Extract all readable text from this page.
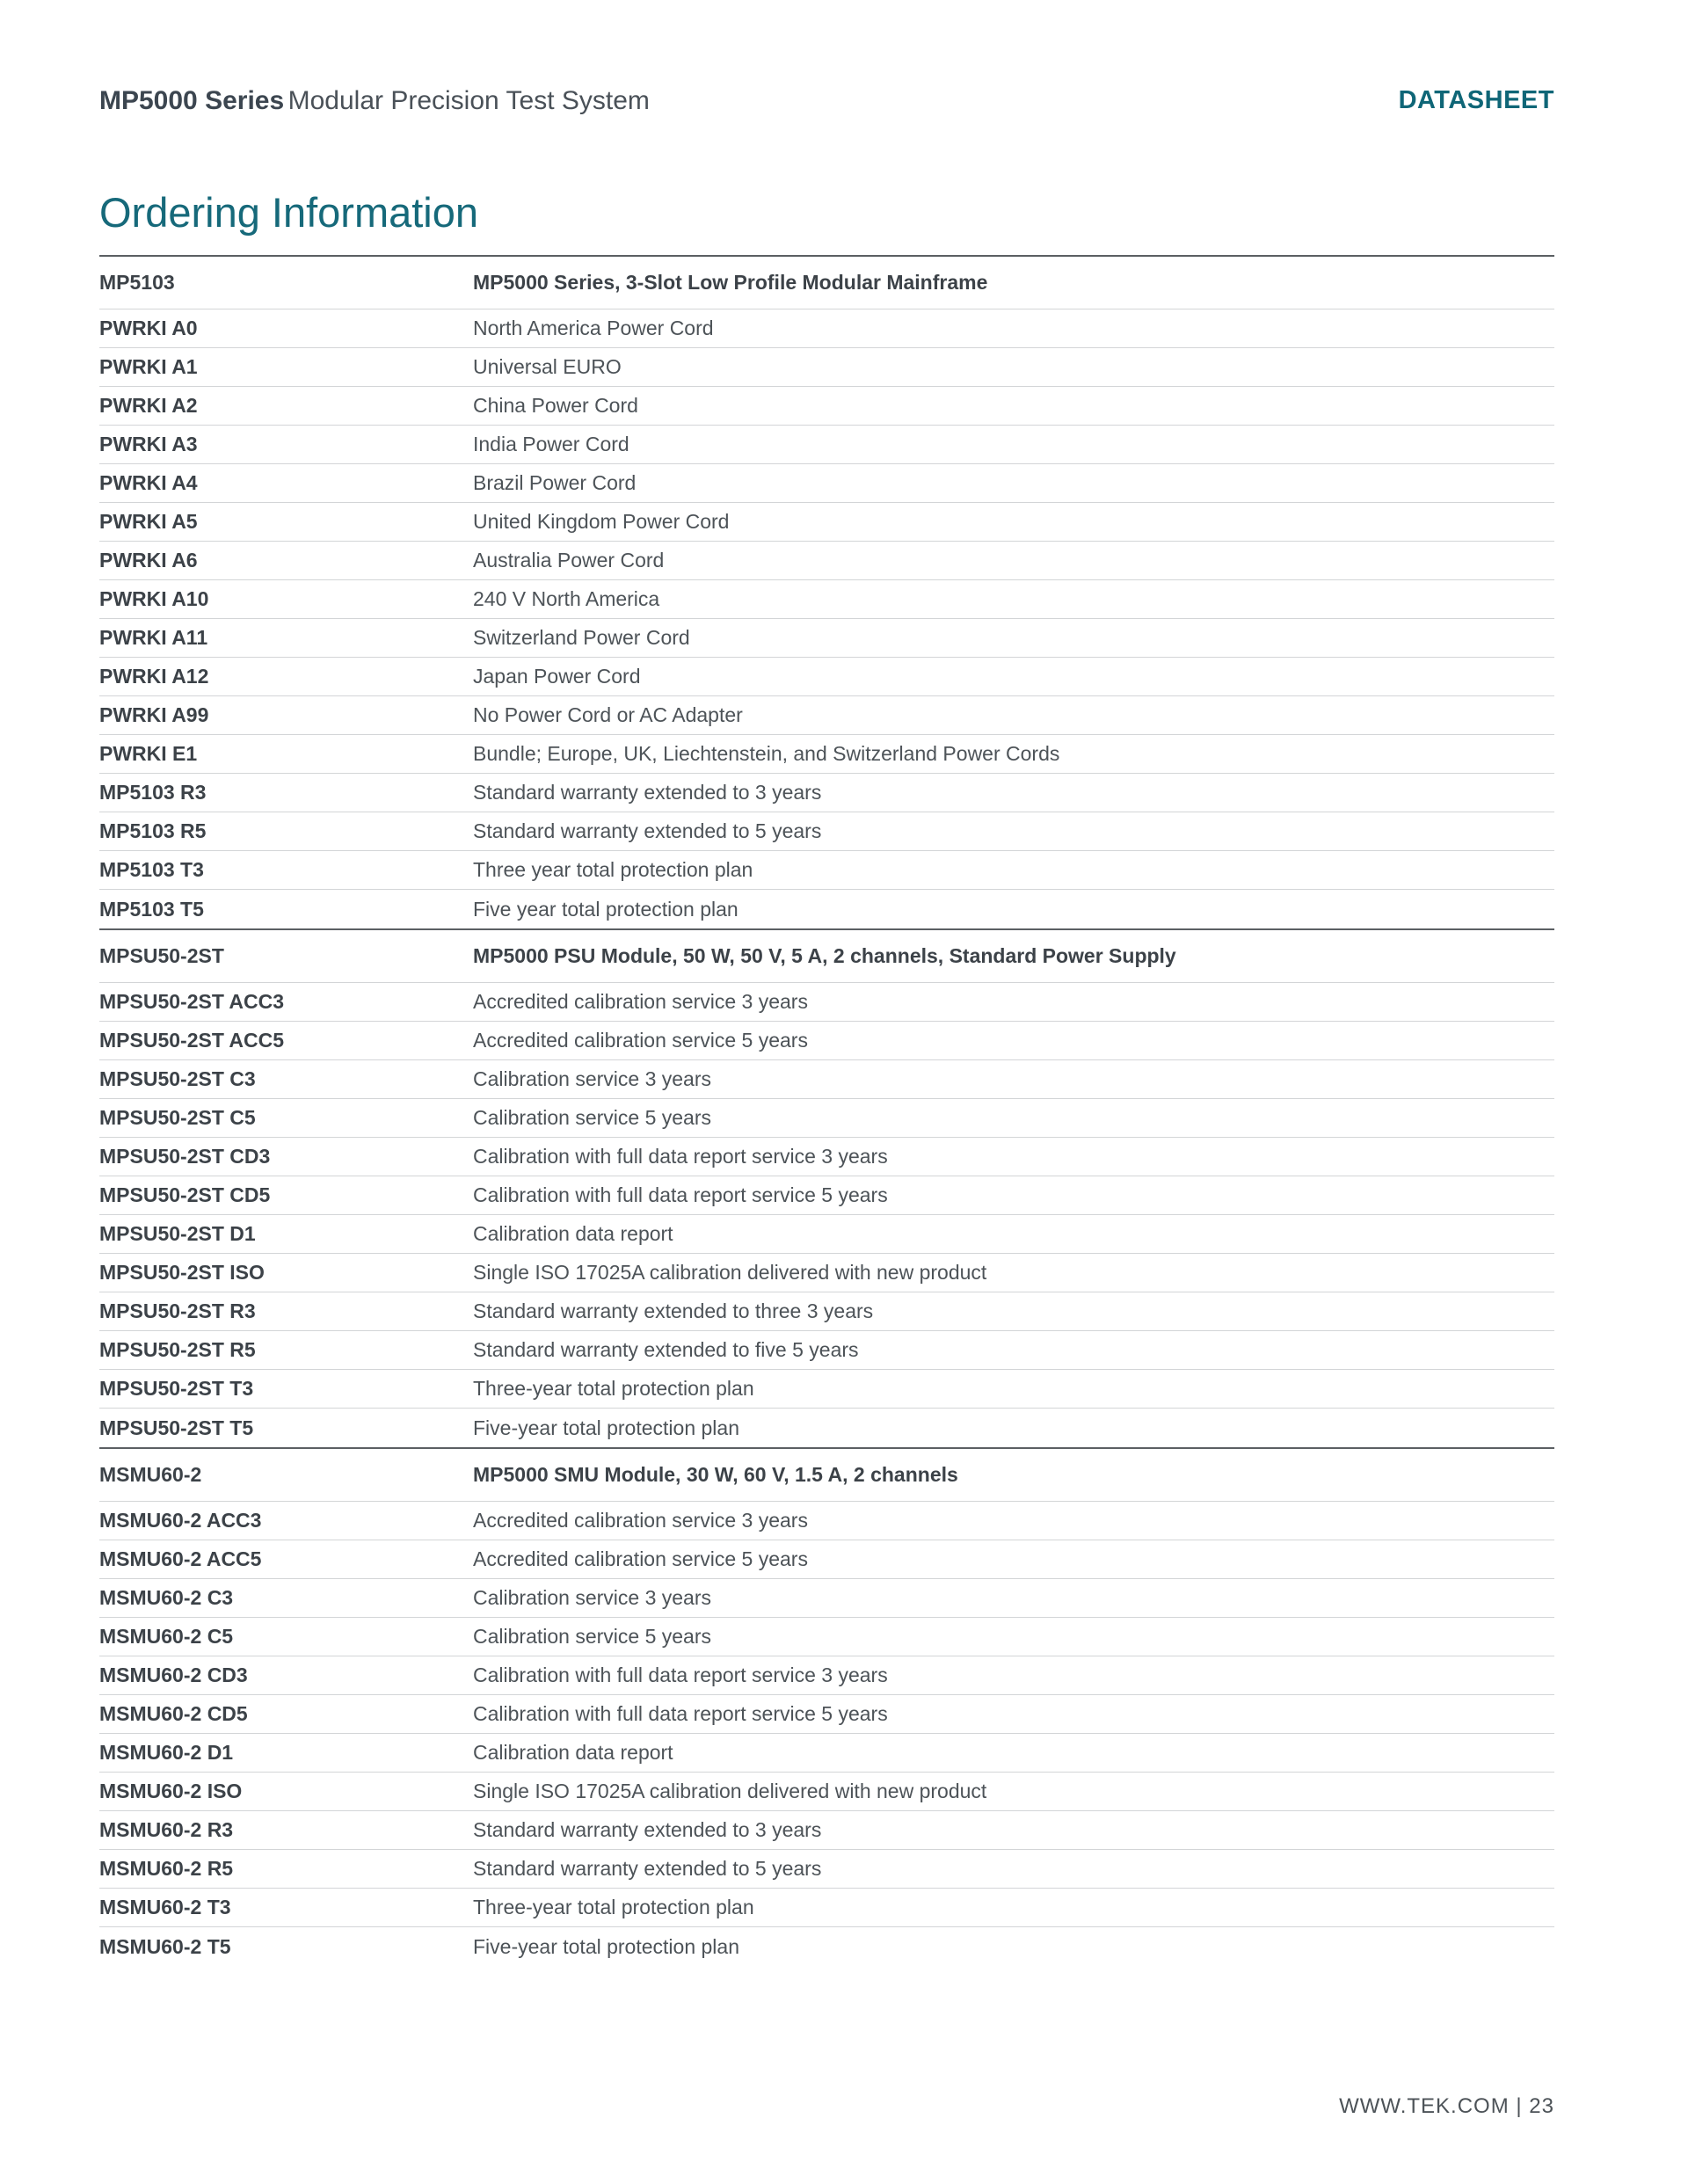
MP5000 Series Modular Precision Test System	DATASHEET
Ordering Information
MP5103	MP5000 Series, 3-Slot Low Profile Modular Mainframe
PWRKI A0	North America Power Cord
PWRKI A1	Universal EURO
PWRKI A2	China Power Cord
PWRKI A3	India Power Cord
PWRKI A4	Brazil Power Cord
PWRKI A5	United Kingdom Power Cord
PWRKI A6	Australia Power Cord
PWRKI A10	240 V North America
PWRKI A11	Switzerland Power Cord
PWRKI A12	Japan Power Cord
PWRKI A99	No Power Cord or AC Adapter
PWRKI E1	Bundle; Europe, UK, Liechtenstein, and Switzerland Power Cords
MP5103 R3	Standard warranty extended to 3 years
MP5103 R5	Standard warranty extended to 5 years
MP5103 T3	Three year total protection plan
MP5103 T5	Five year total protection plan
MPSU50-2ST	MP5000 PSU Module, 50 W, 50 V, 5 A, 2 channels, Standard Power Supply
MPSU50-2ST ACC3	Accredited calibration service 3 years
MPSU50-2ST ACC5	Accredited calibration service 5 years
MPSU50-2ST C3	Calibration service 3 years
MPSU50-2ST C5	Calibration service 5 years
MPSU50-2ST CD3	Calibration with full data report service 3 years
MPSU50-2ST CD5	Calibration with full data report service 5 years
MPSU50-2ST D1	Calibration data report
MPSU50-2ST ISO	Single ISO 17025A calibration delivered with new product
MPSU50-2ST R3	Standard warranty extended to three 3 years
MPSU50-2ST R5	Standard warranty extended to five 5 years
MPSU50-2ST T3	Three-year total protection plan
MPSU50-2ST T5	Five-year total protection plan
MSMU60-2	MP5000 SMU Module, 30 W, 60 V, 1.5 A, 2 channels
MSMU60-2 ACC3	Accredited calibration service 3 years
MSMU60-2 ACC5	Accredited calibration service 5 years
MSMU60-2 C3	Calibration service 3 years
MSMU60-2 C5	Calibration service 5 years
MSMU60-2 CD3	Calibration with full data report service 3 years
MSMU60-2 CD5	Calibration with full data report service 5 years
MSMU60-2 D1	Calibration data report
MSMU60-2 ISO	Single ISO 17025A calibration delivered with new product
MSMU60-2 R3	Standard warranty extended to 3 years
MSMU60-2 R5	Standard warranty extended to 5 years
MSMU60-2 T3	Three-year total protection plan
MSMU60-2 T5	Five-year total protection plan
WWW.TEK.COM | 23
